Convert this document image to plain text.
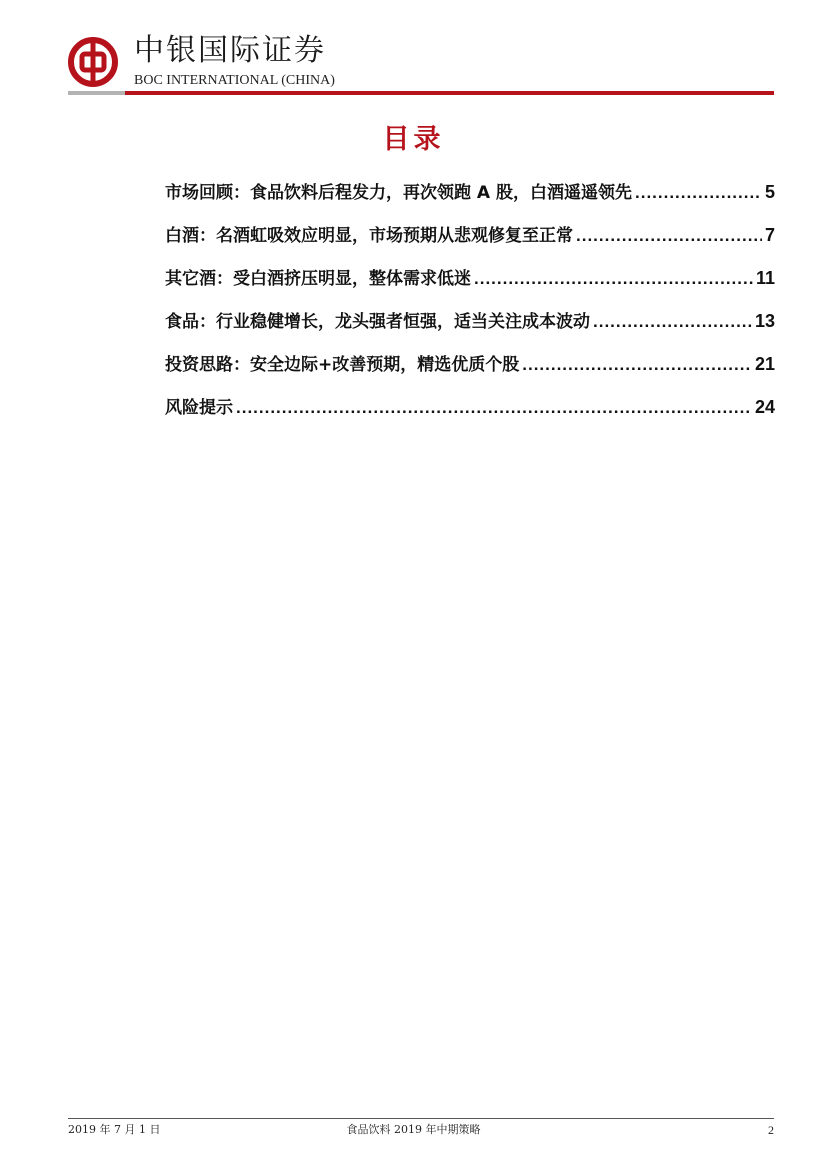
中银国际证券
BOC INTERNATIONAL (CHINA)
目录
市场回顾：食品饮料后程发力，再次领跑 A 股，白酒遥遥领先 .....	5
白酒：名酒虹吸效应明显，市场预期从悲观修复至正常 .....	7
其它酒：受白酒挤压明显，整体需求低迷 .....	11
食品：行业稳健增长，龙头强者恒强，适当关注成本波动 .....	13
投资思路：安全边际+改善预期，精选优质个股 .....	21
风险提示 .....	24
2019 年 7 月 1 日	食品饮料 2019 年中期策略	2
